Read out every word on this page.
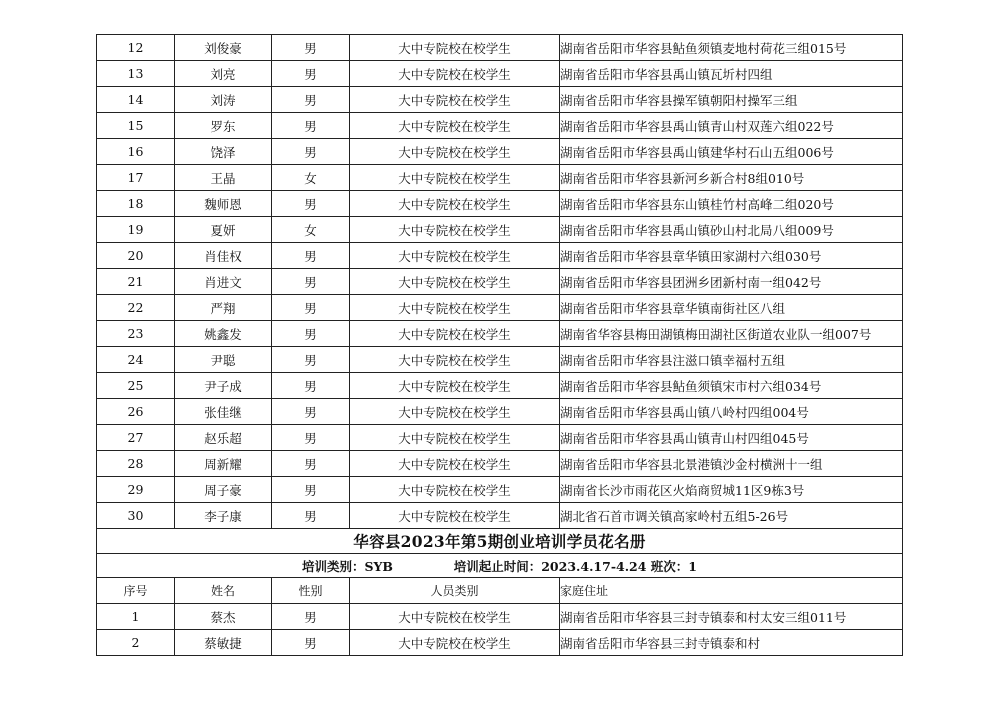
12	刘俊豪	男	大中专院校在校学生	湖南省岳阳市华容县鲇鱼须镇麦地村荷花三组015号
13	刘亮	男	大中专院校在校学生	湖南省岳阳市华容县禹山镇瓦圻村四组
14	刘涛	男	大中专院校在校学生	湖南省岳阳市华容县操军镇朝阳村操军三组
15	罗东	男	大中专院校在校学生	湖南省岳阳市华容县禹山镇青山村双莲六组022号
16	饶泽	男	大中专院校在校学生	湖南省岳阳市华容县禹山镇建华村石山五组006号
17	王晶	女	大中专院校在校学生	湖南省岳阳市华容县新河乡新合村8组010号
18	魏师恩	男	大中专院校在校学生	湖南省岳阳市华容县东山镇桂竹村高峰二组020号
19	夏妍	女	大中专院校在校学生	湖南省岳阳市华容县禹山镇砂山村北局八组009号
20	肖佳权	男	大中专院校在校学生	湖南省岳阳市华容县章华镇田家湖村六组030号
21	肖进文	男	大中专院校在校学生	湖南省岳阳市华容县团洲乡团新村南一组042号
22	严翔	男	大中专院校在校学生	湖南省岳阳市华容县章华镇南街社区八组
23	姚鑫发	男	大中专院校在校学生	湖南省华容县梅田湖镇梅田湖社区街道农业队一组007号
24	尹聪	男	大中专院校在校学生	湖南省岳阳市华容县注滋口镇幸福村五组
25	尹子成	男	大中专院校在校学生	湖南省岳阳市华容县鲇鱼须镇宋市村六组034号
26	张佳继	男	大中专院校在校学生	湖南省岳阳市华容县禹山镇八岭村四组004号
27	赵乐超	男	大中专院校在校学生	湖南省岳阳市华容县禹山镇青山村四组045号
28	周新耀	男	大中专院校在校学生	湖南省岳阳市华容县北景港镇沙金村横洲十一组
29	周子豪	男	大中专院校在校学生	湖南省长沙市雨花区火焰商贸城11区9栋3号
30	李子康	男	大中专院校在校学生	湖北省石首市调关镇高家岭村五组5-26号
华容县2023年第5期创业培训学员花名册				
培训类别：SYB 培训起止时间：2023.4.17-4.24 班次：1				
序号	姓名	性别	人员类别	家庭住址
1	蔡杰	男	大中专院校在校学生	湖南省岳阳市华容县三封寺镇泰和村太安三组011号
2	蔡敏捷	男	大中专院校在校学生	湖南省岳阳市华容县三封寺镇泰和村
